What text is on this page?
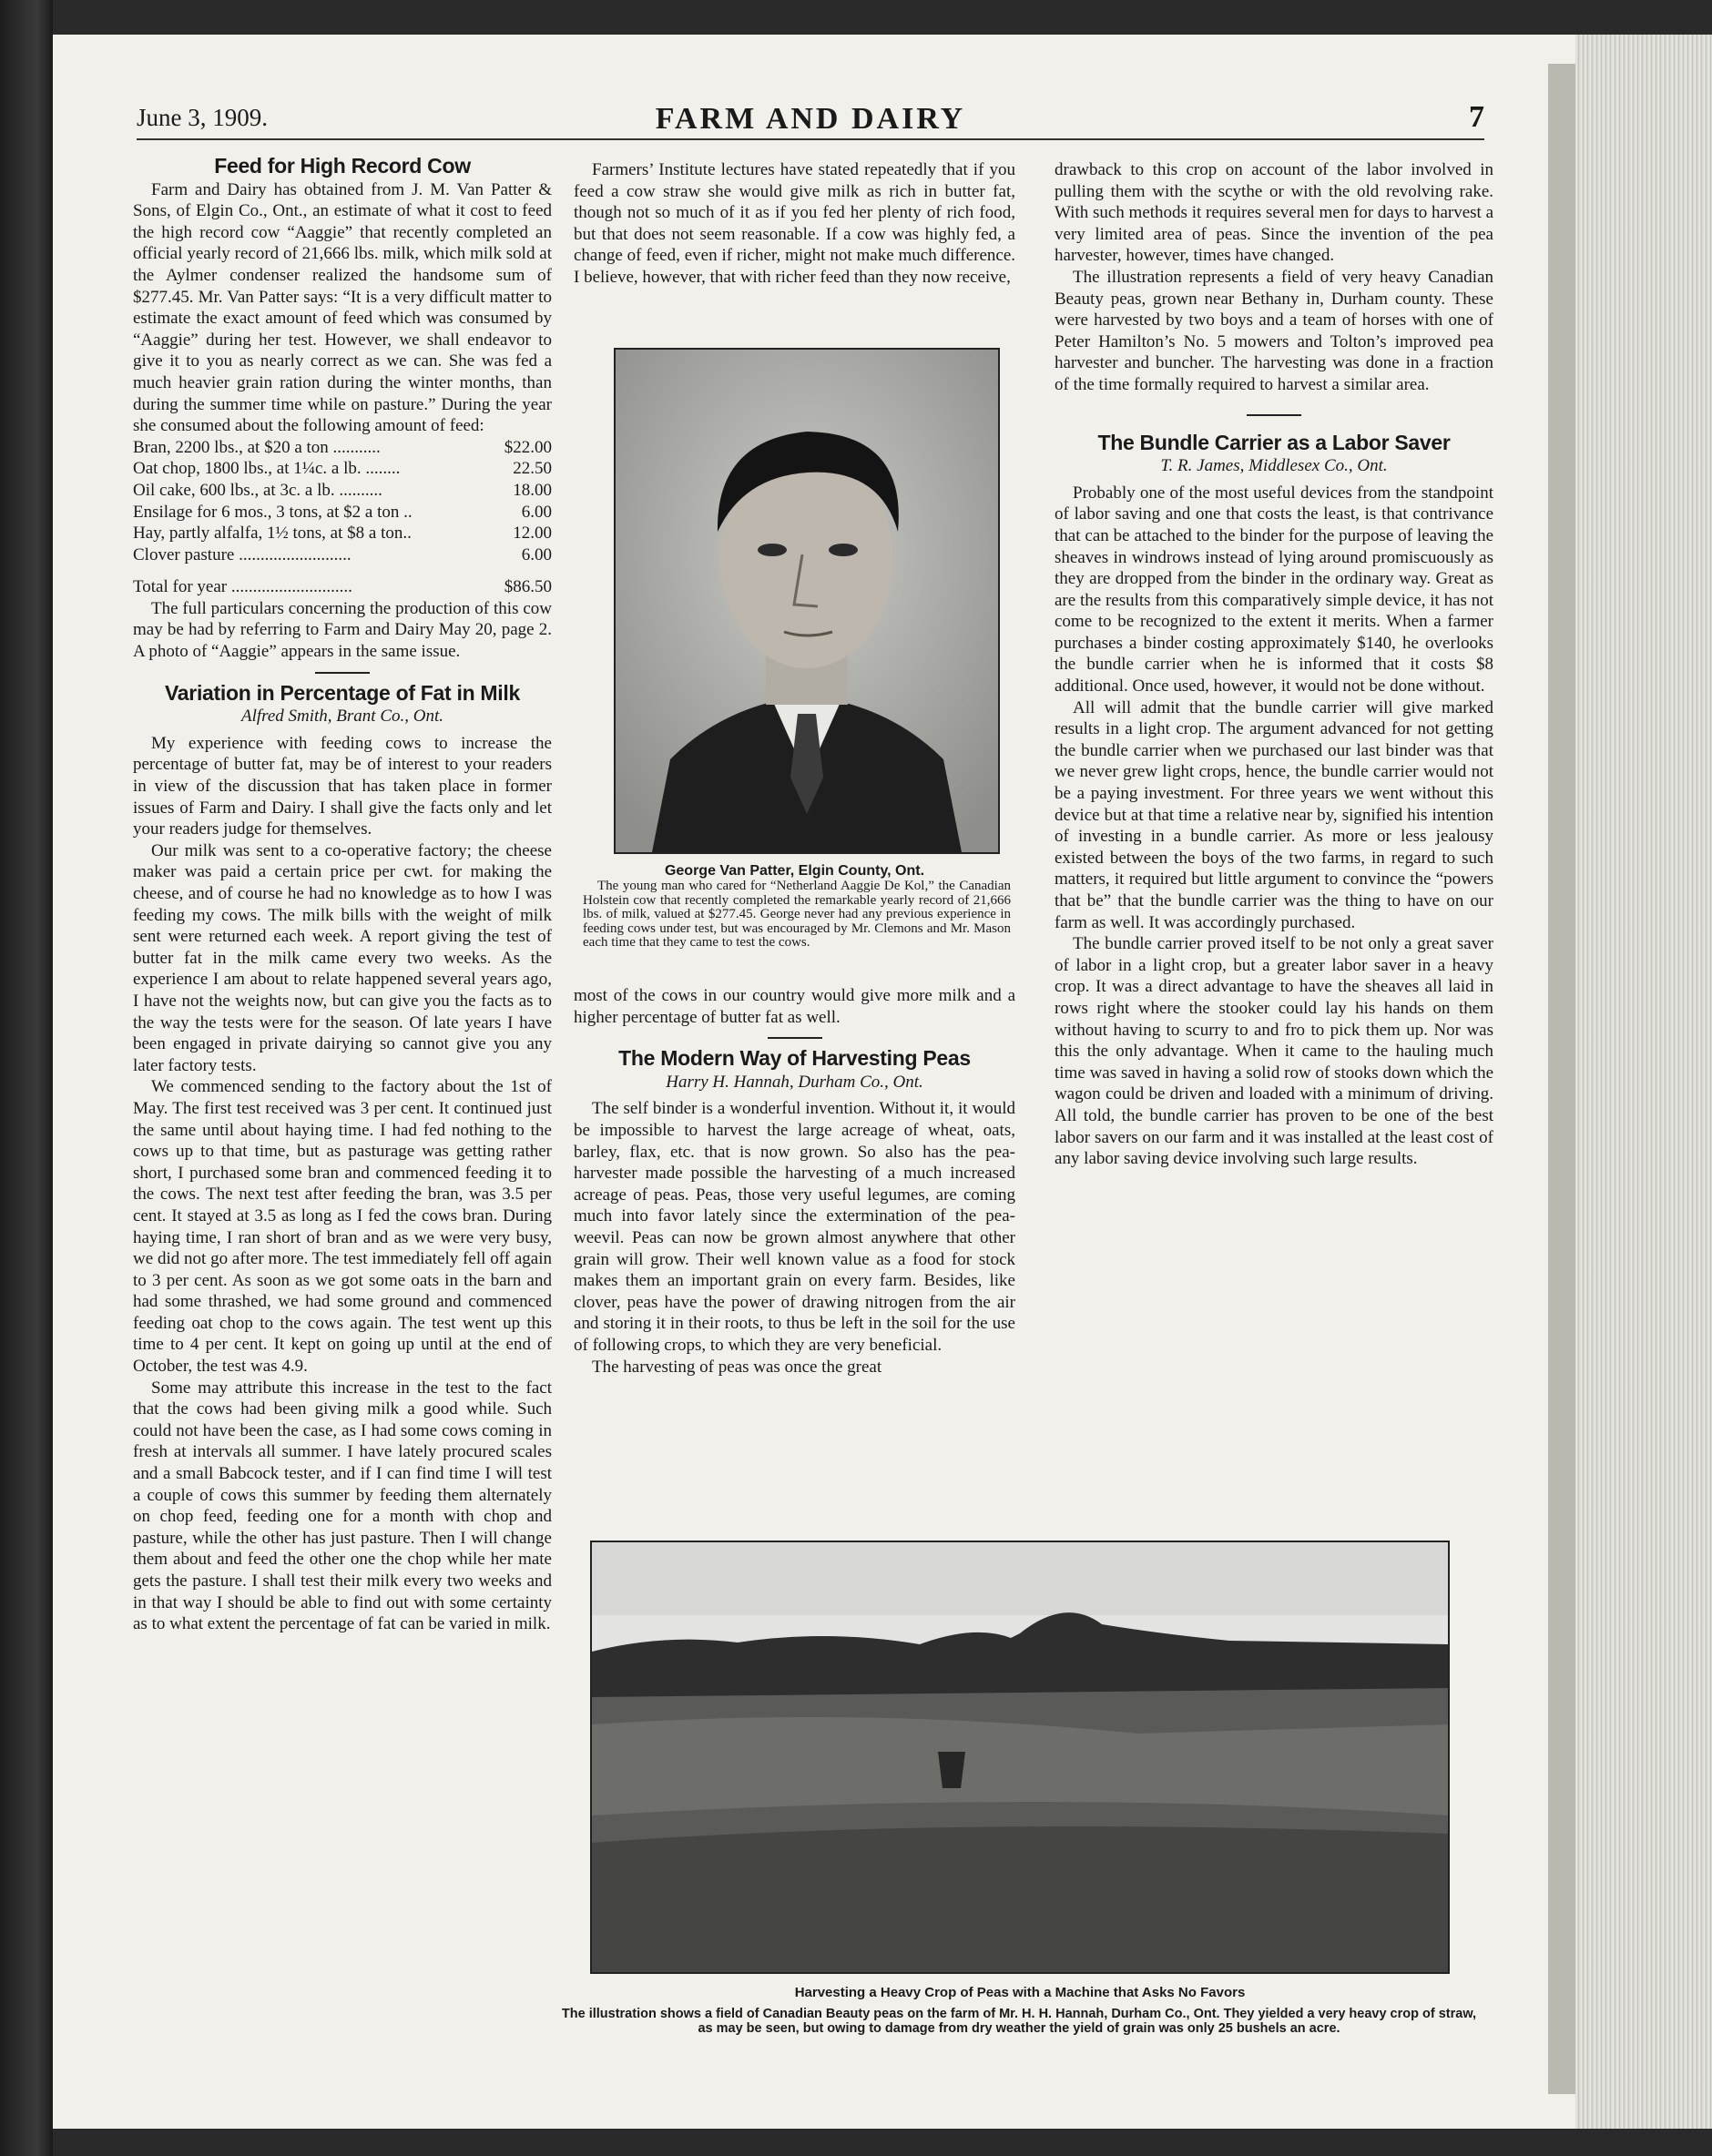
June 3, 1909.	FARM AND DAIRY	7
Feed for High Record Cow

Farm and Dairy has obtained from J. M. Van Patter & Sons, of Elgin Co., Ont., an estimate of what it cost to feed the high record cow “Aaggie” that recently completed an official yearly record of 21,666 lbs. milk, which milk sold at the Aylmer condenser realized the handsome sum of $277.45. Mr. Van Patter says: “It is a very difficult matter to estimate the exact amount of feed which was consumed by “Aaggie” during her test. However, we shall endeavor to give it to you as nearly correct as we can. She was fed a much heavier grain ration during the winter months, than during the summer time while on pasture.” During the year she consumed about the following amount of feed:

Bran, 2200 lbs., at $20 a ton ...........	$22.00
Oat chop, 1800 lbs., at 1¼c. a lb. ........	22.50
Oil cake, 600 lbs., at 3c. a lb. ..........	18.00
Ensilage for 6 mos., 3 tons, at $2 a ton ..	6.00
Hay, partly alfalfa, 1½ tons, at $8 a ton..	12.00
Clover pasture ..........................	6.00
Total for year ............................	$86.50

The full particulars concerning the production of this cow may be had by referring to Farm and Dairy May 20, page 2. A photo of “Aaggie” appears in the same issue.

Variation in Percentage of Fat in Milk
Alfred Smith, Brant Co., Ont.

My experience with feeding cows to increase the percentage of butter fat, may be of interest to your readers in view of the discussion that has taken place in former issues of Farm and Dairy. I shall give the facts only and let your readers judge for themselves.

Our milk was sent to a co-operative factory; the cheese maker was paid a certain price per cwt. for making the cheese, and of course he had no knowledge as to how I was feeding my cows. The milk bills with the weight of milk sent were returned each week. A report giving the test of butter fat in the milk came every two weeks. As the experience I am about to relate happened several years ago, I have not the weights now, but can give you the facts as to the way the tests were for the season. Of late years I have been engaged in private dairying so cannot give you any later factory tests.

We commenced sending to the factory about the 1st of May. The first test received was 3 per cent. It continued just the same until about haying time. I had fed nothing to the cows up to that time, but as pasturage was getting rather short, I purchased some bran and commenced feeding it to the cows. The next test after feeding the bran, was 3.5 per cent. It stayed at 3.5 as long as I fed the cows bran. During haying time, I ran short of bran and as we were very busy, we did not go after more. The test immediately fell off again to 3 per cent. As soon as we got some oats in the barn and had some thrashed, we had some ground and commenced feeding oat chop to the cows again. The test went up this time to 4 per cent. It kept on going up until at the end of October, the test was 4.9.

Some may attribute this increase in the test to the fact that the cows had been giving milk a good while. Such could not have been the case, as I had some cows coming in fresh at intervals all summer. I have lately procured scales and a small Babcock tester, and if I can find time I will test a couple of cows this summer by feeding them alternately on chop feed, feeding one for a month with chop and pasture, while the other has just pasture. Then I will change them about and feed the other one the chop while her mate gets the pasture. I shall test their milk every two weeks and in that way I should be able to find out with some certainty as to what extent the percentage of fat can be varied in milk.

Farmers’ Institute lectures have stated repeatedly that if you feed a cow straw she would give milk as rich in butter fat, though not so much of it as if you fed her plenty of rich food, but that does not seem reasonable. If a cow was highly fed, a change of feed, even if richer, might not make much difference. I believe, however, that with richer feed than they now receive,

George Van Patter, Elgin County, Ont.
The young man who cared for “Netherland Aaggie De Kol,” the Canadian Holstein cow that recently completed the remarkable yearly record of 21,666 lbs. of milk, valued at $277.45. George never had any previous experience in feeding cows under test, but was encouraged by Mr. Clemons and Mr. Mason each time that they came to test the cows.

most of the cows in our country would give more milk and a higher percentage of butter fat as well.

The Modern Way of Harvesting Peas
Harry H. Hannah, Durham Co., Ont.

The self binder is a wonderful invention. Without it, it would be impossible to harvest the large acreage of wheat, oats, barley, flax, etc. that is now grown. So also has the pea-harvester made possible the harvesting of a much increased acreage of peas. Peas, those very useful legumes, are coming much into favor lately since the extermination of the pea-weevil. Peas can now be grown almost anywhere that other grain will grow. Their well known value as a food for stock makes them an important grain on every farm. Besides, like clover, peas have the power of drawing nitrogen from the air and storing it in their roots, to thus be left in the soil for the use of following crops, to which they are very beneficial.

The harvesting of peas was once the great

drawback to this crop on account of the labor involved in pulling them with the scythe or with the old revolving rake. With such methods it requires several men for days to harvest a very limited area of peas. Since the invention of the pea harvester, however, times have changed.

The illustration represents a field of very heavy Canadian Beauty peas, grown near Bethany in, Durham county. These were harvested by two boys and a team of horses with one of Peter Hamilton’s No. 5 mowers and Tolton’s improved pea harvester and buncher. The harvesting was done in a fraction of the time formally required to harvest a similar area.

The Bundle Carrier as a Labor Saver
T. R. James, Middlesex Co., Ont.

Probably one of the most useful devices from the standpoint of labor saving and one that costs the least, is that contrivance that can be attached to the binder for the purpose of leaving the sheaves in windrows instead of lying around promiscuously as they are dropped from the binder in the ordinary way. Great as are the results from this comparatively simple device, it has not come to be recognized to the extent it merits. When a farmer purchases a binder costing approximately $140, he overlooks the bundle carrier when he is informed that it costs $8 additional. Once used, however, it would not be done without.

All will admit that the bundle carrier will give marked results in a light crop. The argument advanced for not getting the bundle carrier when we purchased our last binder was that we never grew light crops, hence, the bundle carrier would not be a paying investment. For three years we went without this device but at that time a relative near by, signified his intention of investing in a bundle carrier. As more or less jealousy existed between the boys of the two farms, in regard to such matters, it required but little argument to convince the “powers that be” that the bundle carrier was the thing to have on our farm as well. It was accordingly purchased.

The bundle carrier proved itself to be not only a great saver of labor in a light crop, but a greater labor saver in a heavy crop. It was a direct advantage to have the sheaves all laid in rows right where the stooker could lay his hands on them without having to scurry to and fro to pick them up. Nor was this the only advantage. When it came to the hauling much time was saved in having a solid row of stooks down which the wagon could be driven and loaded with a minimum of driving. All told, the bundle carrier has proven to be one of the best labor savers on our farm and it was installed at the least cost of any labor saving device involving such large results.

Harvesting a Heavy Crop of Peas with a Machine that Asks No Favors
The illustration shows a field of Canadian Beauty peas on the farm of Mr. H. H. Hannah, Durham Co., Ont. They yielded a very heavy crop of straw, as may be seen, but owing to damage from dry weather the yield of grain was only 25 bushels an acre.
